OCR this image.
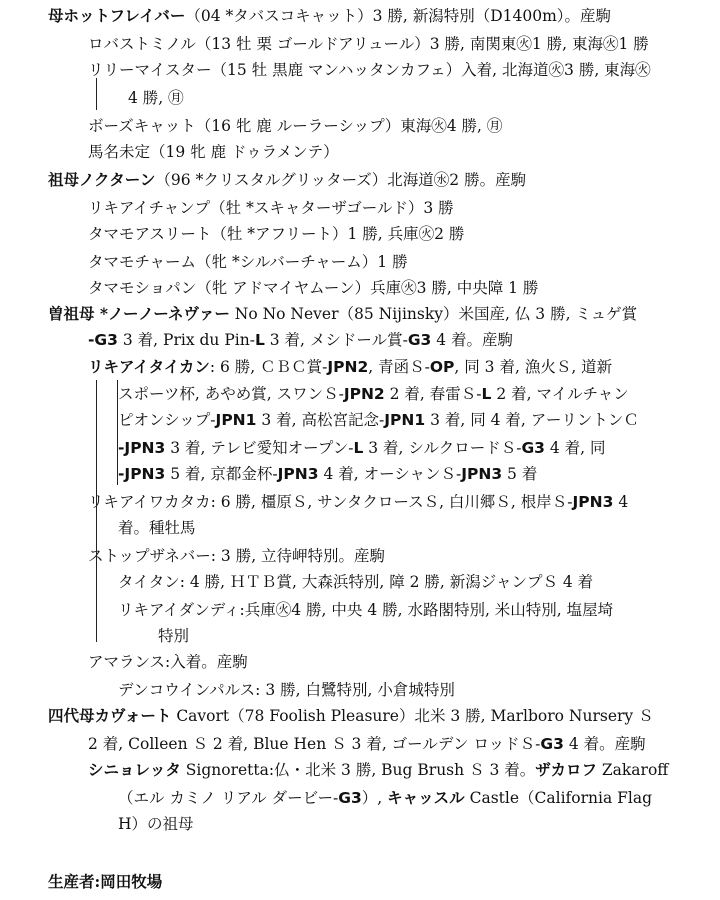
母ホットフレイバー（04 *タバスコキャット）3 勝, 新潟特別（D1400m）。産駒
ロバストミノル（13 牡 栗 ゴールドアリュール）3 勝, 南関東㊋1 勝, 東海㊋1 勝
リリーマイスター（15 牡 黒鹿 マンハッタンカフェ）入着, 北海道㊋3 勝, 東海㊋
4 勝, ㊊
ボーズキャット（16 牝 鹿 ルーラーシップ）東海㊋4 勝, ㊊
馬名未定（19 牝 鹿 ドゥラメンテ）
祖母ノクターン（96 *クリスタルグリッターズ）北海道㊌2 勝。産駒
リキアイチャンプ（牡 *スキャターザゴールド）3 勝
タマモアスリート（牡 *アフリート）1 勝, 兵庫㊋2 勝
タマモチャーム（牝 *シルバーチャーム）1 勝
タマモショパン（牝 アドマイヤムーン）兵庫㊋3 勝, 中央障 1 勝
曽祖母 *ノーノーネヴァー No No Never（85 Nijinsky）米国産, 仏 3 勝, ミュゲ賞
-G3 3 着, Prix du Pin-L 3 着, メシドール賞-G3 4 着。産駒
リキアイタイカン: 6 勝, ＣＢＣ賞-JPN2, 青函Ｓ-OP, 同 3 着, 漁火Ｓ, 道新
スポーツ杯, あやめ賞, スワンＳ-JPN2 2 着, 春雷Ｓ-L 2 着, マイルチャン
ピオンシップ-JPN1 3 着, 高松宮記念-JPN1 3 着, 同 4 着, アーリントンＣ
-JPN3 3 着, テレビ愛知オープン-L 3 着, シルクロードＳ-G3 4 着, 同
-JPN3 5 着, 京都金杯-JPN3 4 着, オーシャンＳ-JPN3 5 着
リキアイワカタカ: 6 勝, 橿原Ｓ, サンタクロースＳ, 白川郷Ｓ, 根岸Ｓ-JPN3 4
着。種牡馬
ストップザネバー: 3 勝, 立待岬特別。産駒
タイタン: 4 勝, ＨＴＢ賞, 大森浜特別, 障 2 勝, 新潟ジャンプＳ 4 着
リキアイダンディ:兵庫㊋4 勝, 中央 4 勝, 水路閣特別, 米山特別, 塩屋埼
特別
アマランス:入着。産駒
デンコウインパルス: 3 勝, 白鷺特別, 小倉城特別
四代母カヴォート Cavort（78 Foolish Pleasure）北米 3 勝, Marlboro Nursery Ｓ
2 着, Colleen Ｓ 2 着, Blue Hen Ｓ 3 着, ゴールデン ロッドＳ-G3 4 着。産駒
シニョレッタ Signoretta:仏・北米 3 勝, Bug Brush Ｓ 3 着。ザカロフ Zakaroff
（エル カミノ リアル ダービー-G3）, キャッスル Castle（California Flag
H）の祖母
生産者:岡田牧場
